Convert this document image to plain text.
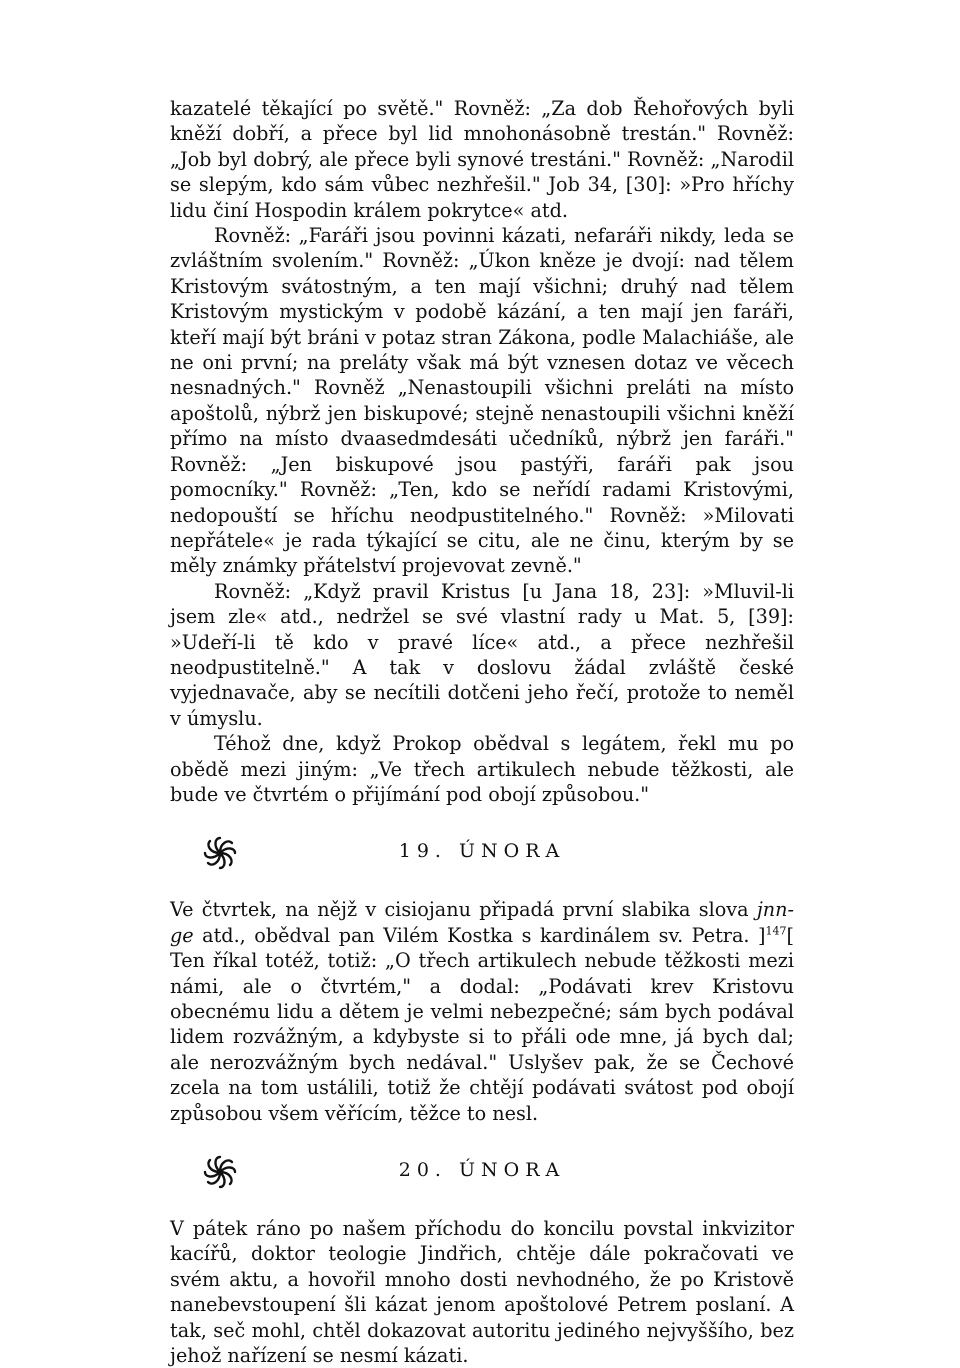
kazatelé těkající po světě." Rovněž: „Za dob Řehořových byli kněží dobří, a přece byl lid mnohonásobně trestán." Rovněž: „Job byl dobrý, ale přece byli synové trestáni." Rovněž: „Narodil se slepým, kdo sám vůbec nezhřešil." Job 34, [30]: »Pro hříchy lidu činí Hospodin králem pokrytce« atd.

Rovněž: „Faráři jsou povinni kázati, nefaráři nikdy, leda se zvláštním svolením." Rovněž: „Úkon kněze je dvojí: nad tělem Kristovým svátostným, a ten mají všichni; druhý nad tělem Kristovým mystickým v podobě kázání, a ten mají jen faráři, kteří mají být bráni v potaz stran Zákona, podle Malachiáše, ale ne oni první; na preláty však má být vznesen dotaz ve věcech nesnadných." Rovněž „Nenastoupili všichni preláti na místo apoštolů, nýbrž jen biskupové; stejně nenastoupili všichni kněží přímo na místo dvaasedmdesáti učedníků, nýbrž jen faráři." Rovněž: „Jen biskupové jsou pastýři, faráři pak jsou pomocníky." Rovněž: „Ten, kdo se neřídí radami Kristovými, nedopouští se hříchu neodpustitelného." Rovněž: »Milovati nepřátele« je rada týkající se citu, ale ne činu, kterým by se měly známky přátelství projevovat zevně."

Rovněž: „Když pravil Kristus [u Jana 18, 23]: »Mluvil-li jsem zle« atd., nedržel se své vlastní rady u Mat. 5, [39]: »Udeří-li tě kdo v pravé líce« atd., a přece nezhřešil neodpustitelně." A tak v doslovu žádal zvláště české vyjednavače, aby se necítili dotčeni jeho řečí, protože to neměl v úmyslu.

Téhož dne, když Prokop obědval s legátem, řekl mu po obědě mezi jiným: „Ve třech artikulech nebude těžkosti, ale bude ve čtvrtém o přijímání pod obojí způsobou."

19. ÚNORA

Ve čtvrtek, na nějž v cisiojanu připadá první slabika slova jnn-ge atd., obědval pan Vilém Kostka s kardinálem sv. Petra. ]$^{147}$[ Ten říkal totéž, totiž: „O třech artikulech nebude těžkosti mezi námi, ale o čtvrtém," a dodal: „Podávati krev Kristovu obecnému lidu a dětem je velmi nebezpečné; sám bych podával lidem rozvážným, a kdybyste si to přáli ode mne, já bych dal; ale nerozvážným bych nedával." Uslyšev pak, že se Čechové zcela na tom ustálili, totiž že chtějí podávati svátost pod obojí způsobou všem věřícím, těžce to nesl.

20. ÚNORA

V pátek ráno po našem příchodu do koncilu povstal inkvizitor kacířů, doktor teologie Jindřich, chtěje dále pokračovati ve svém aktu, a hovořil mnoho dosti nevhodného, že po Kristově nanebevstoupení šli kázat jenom apoštolové Petrem poslaní. A tak, seč mohl, chtěl dokazovat autoritu jediného nejvyššího, bez jehož nařízení se nesmí kázati.
